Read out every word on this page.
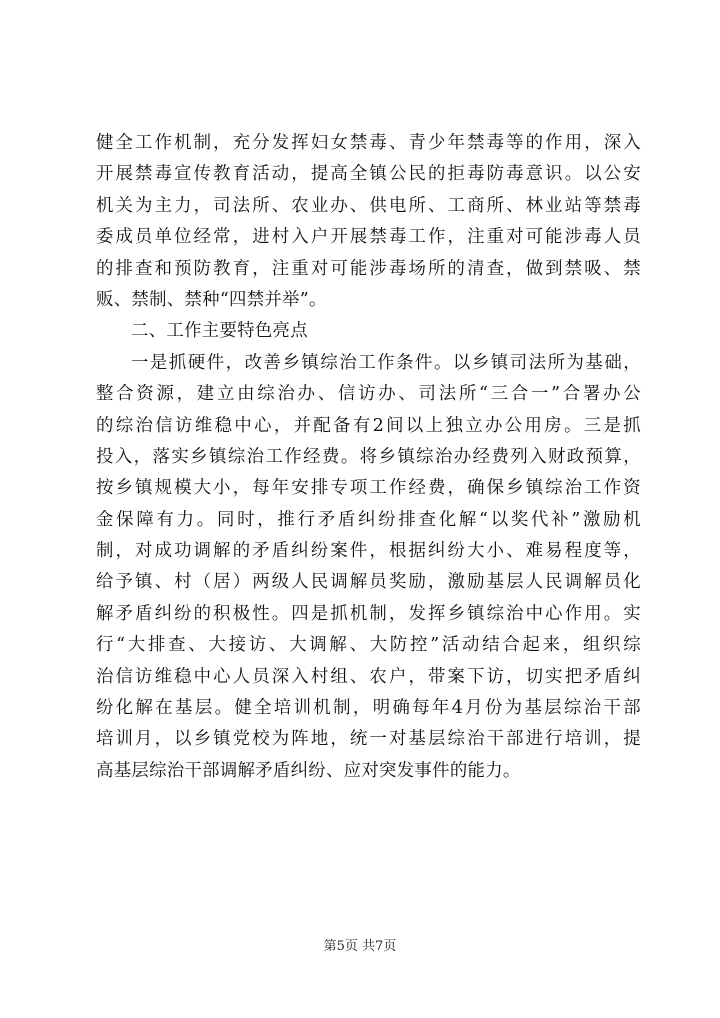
健全工作机制，充分发挥妇女禁毒、青少年禁毒等的作用，深入
开展禁毒宣传教育活动，提高全镇公民的拒毒防毒意识。以公安
机关为主力，司法所、农业办、供电所、工商所、林业站等禁毒
委成员单位经常，进村入户开展禁毒工作，注重对可能涉毒人员
的排查和预防教育，注重对可能涉毒场所的清查，做到禁吸、禁
贩、禁制、禁种“四禁并举”。
二、工作主要特色亮点
一是抓硬件，改善乡镇综治工作条件。以乡镇司法所为基础，
整合资源，建立由综治办、信访办、司法所“三合一”合署办公
的综治信访维稳中心，并配备有2间以上独立办公用房。三是抓
投入，落实乡镇综治工作经费。将乡镇综治办经费列入财政预算，
按乡镇规模大小，每年安排专项工作经费，确保乡镇综治工作资
金保障有力。同时，推行矛盾纠纷排查化解“以奖代补”激励机
制，对成功调解的矛盾纠纷案件，根据纠纷大小、难易程度等，
给予镇、村（居）两级人民调解员奖励，激励基层人民调解员化
解矛盾纠纷的积极性。四是抓机制，发挥乡镇综治中心作用。实
行“大排查、大接访、大调解、大防控”活动结合起来，组织综
治信访维稳中心人员深入村组、农户，带案下访，切实把矛盾纠
纷化解在基层。健全培训机制，明确每年4月份为基层综治干部
培训月，以乡镇党校为阵地，统一对基层综治干部进行培训，提
高基层综治干部调解矛盾纠纷、应对突发事件的能力。
第5页 共7页
